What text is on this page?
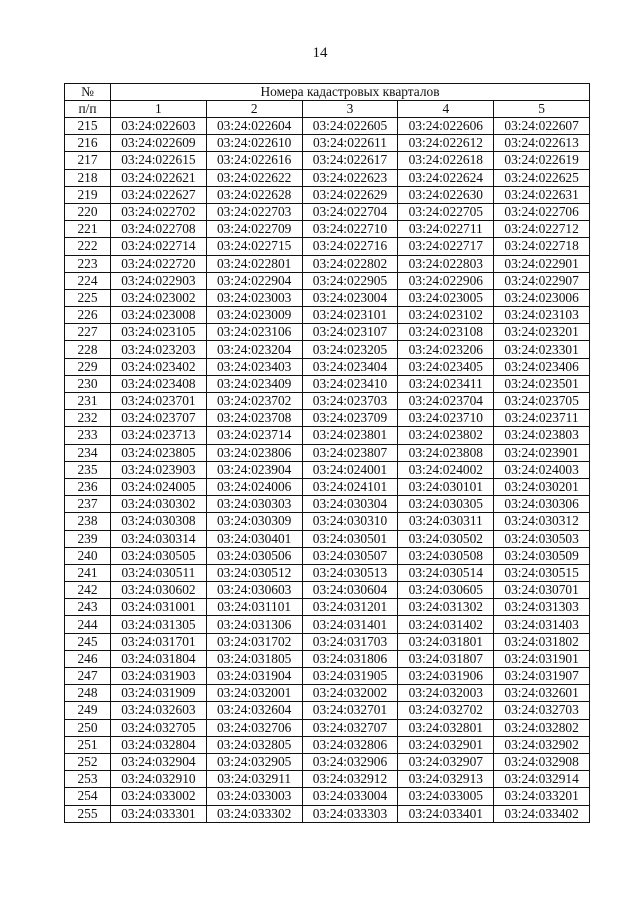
14
№	Номера кадастровых кварталов				
п/п	1	2	3	4	5
215	03:24:022603	03:24:022604	03:24:022605	03:24:022606	03:24:022607
216	03:24:022609	03:24:022610	03:24:022611	03:24:022612	03:24:022613
217	03:24:022615	03:24:022616	03:24:022617	03:24:022618	03:24:022619
218	03:24:022621	03:24:022622	03:24:022623	03:24:022624	03:24:022625
219	03:24:022627	03:24:022628	03:24:022629	03:24:022630	03:24:022631
220	03:24:022702	03:24:022703	03:24:022704	03:24:022705	03:24:022706
221	03:24:022708	03:24:022709	03:24:022710	03:24:022711	03:24:022712
222	03:24:022714	03:24:022715	03:24:022716	03:24:022717	03:24:022718
223	03:24:022720	03:24:022801	03:24:022802	03:24:022803	03:24:022901
224	03:24:022903	03:24:022904	03:24:022905	03:24:022906	03:24:022907
225	03:24:023002	03:24:023003	03:24:023004	03:24:023005	03:24:023006
226	03:24:023008	03:24:023009	03:24:023101	03:24:023102	03:24:023103
227	03:24:023105	03:24:023106	03:24:023107	03:24:023108	03:24:023201
228	03:24:023203	03:24:023204	03:24:023205	03:24:023206	03:24:023301
229	03:24:023402	03:24:023403	03:24:023404	03:24:023405	03:24:023406
230	03:24:023408	03:24:023409	03:24:023410	03:24:023411	03:24:023501
231	03:24:023701	03:24:023702	03:24:023703	03:24:023704	03:24:023705
232	03:24:023707	03:24:023708	03:24:023709	03:24:023710	03:24:023711
233	03:24:023713	03:24:023714	03:24:023801	03:24:023802	03:24:023803
234	03:24:023805	03:24:023806	03:24:023807	03:24:023808	03:24:023901
235	03:24:023903	03:24:023904	03:24:024001	03:24:024002	03:24:024003
236	03:24:024005	03:24:024006	03:24:024101	03:24:030101	03:24:030201
237	03:24:030302	03:24:030303	03:24:030304	03:24:030305	03:24:030306
238	03:24:030308	03:24:030309	03:24:030310	03:24:030311	03:24:030312
239	03:24:030314	03:24:030401	03:24:030501	03:24:030502	03:24:030503
240	03:24:030505	03:24:030506	03:24:030507	03:24:030508	03:24:030509
241	03:24:030511	03:24:030512	03:24:030513	03:24:030514	03:24:030515
242	03:24:030602	03:24:030603	03:24:030604	03:24:030605	03:24:030701
243	03:24:031001	03:24:031101	03:24:031201	03:24:031302	03:24:031303
244	03:24:031305	03:24:031306	03:24:031401	03:24:031402	03:24:031403
245	03:24:031701	03:24:031702	03:24:031703	03:24:031801	03:24:031802
246	03:24:031804	03:24:031805	03:24:031806	03:24:031807	03:24:031901
247	03:24:031903	03:24:031904	03:24:031905	03:24:031906	03:24:031907
248	03:24:031909	03:24:032001	03:24:032002	03:24:032003	03:24:032601
249	03:24:032603	03:24:032604	03:24:032701	03:24:032702	03:24:032703
250	03:24:032705	03:24:032706	03:24:032707	03:24:032801	03:24:032802
251	03:24:032804	03:24:032805	03:24:032806	03:24:032901	03:24:032902
252	03:24:032904	03:24:032905	03:24:032906	03:24:032907	03:24:032908
253	03:24:032910	03:24:032911	03:24:032912	03:24:032913	03:24:032914
254	03:24:033002	03:24:033003	03:24:033004	03:24:033005	03:24:033201
255	03:24:033301	03:24:033302	03:24:033303	03:24:033401	03:24:033402
